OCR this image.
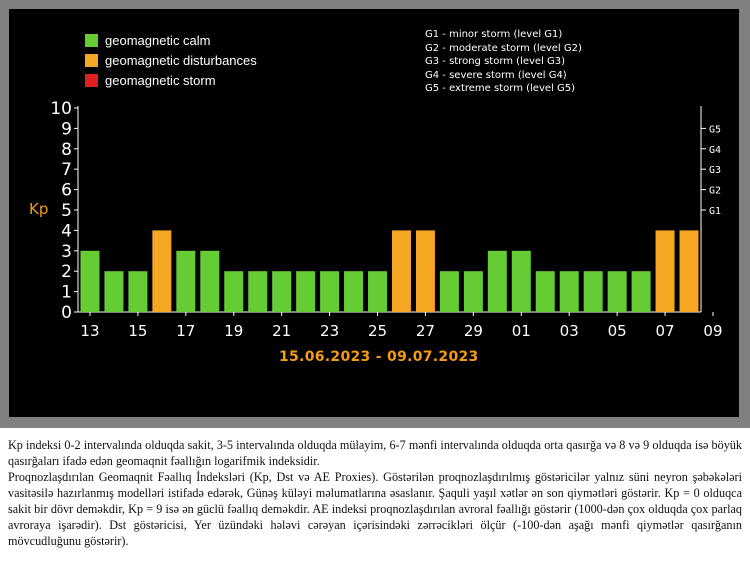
geomagnetic calm
geomagnetic disturbances
geomagnetic storm
G1 - minor storm (level G1)
G2 - moderate storm (level G2)
G3 - strong storm (level G3)
G4 - severe storm (level G4)
G5 - extreme storm (level G5)
Kp
0
1
2
3
4
5
6
7
8
9
10
G1
G2
G3
G4
G5
13 15 17 19 21 23 25 27 29 01 03 05 07 09
15.06.2023 - 09.07.2023

Kp indeksi 0-2 intervalında olduqda sakit, 3-5 intervalında olduqda mülayim, 6-7 mənfi intervalında olduqda orta qasırğa və 8 və 9 olduqda isə böyük qasırğaları ifadə edən geomaqnit fəallığın logarifmik indeksidir.

Proqnozlaşdırılan Geomaqnit Fəallıq İndeksləri (Kp, Dst və AE Proxies). Göstərilən proqnozlaşdırılmış göstəricilər yalnız süni neyron şəbəkələri vasitəsilə hazırlanmış modelləri istifadə edərək, Günəş küləyi məlumatlarına əsaslanır. Şaquli yaşıl xətlər ən son qiymətləri göstərir. Kp = 0 olduqca sakit bir dövr deməkdir, Kp = 9 isə ən güclü fəallıq deməkdir. AE indeksi proqnozlaşdırılan avroral fəallığı göstərir (1000-dən çox olduqda çox parlaq avroraya işarədir). Dst göstəricisi, Yer üzündəki hələvi cərəyan içərisindəki zərrəcikləri ölçür (-100-dən aşağı mənfi qiymətlər qasırğanın mövcudluğunu göstərir).
